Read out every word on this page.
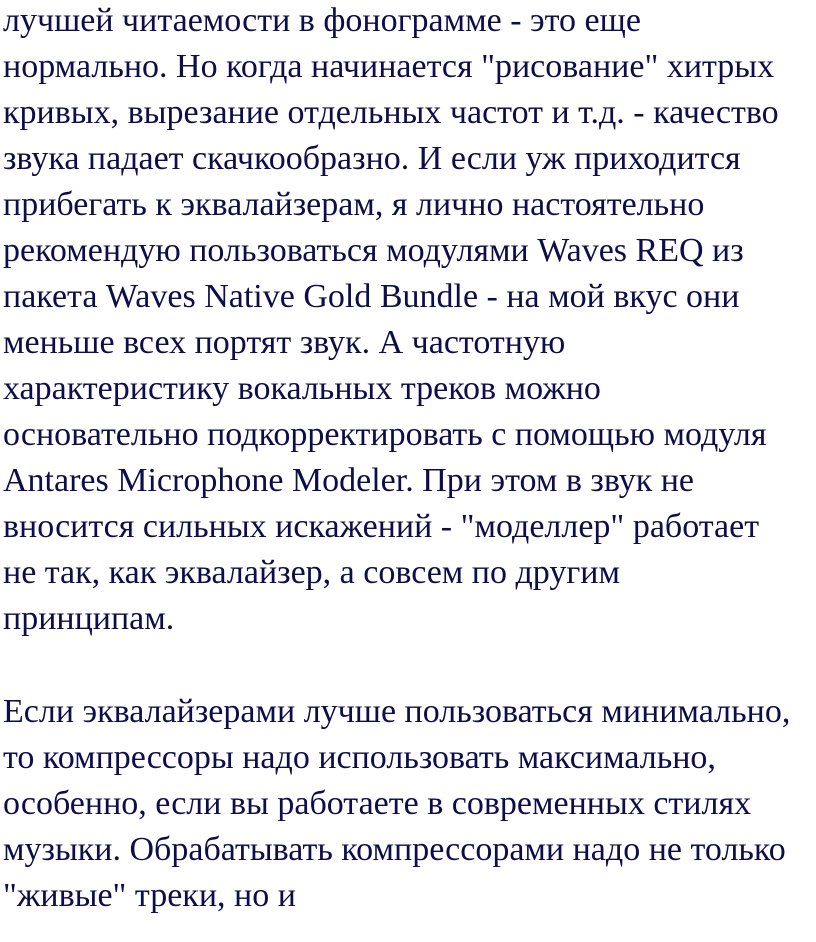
лучшей читаемости в фонограмме - это еще
нормально. Но когда начинается "рисование" хитрых
кривых, вырезание отдельных частот и т.д. - качество
звука падает скачкообразно. И если уж приходится
прибегать к эквалайзерам, я лично настоятельно
рекомендую пользоваться модулями Waves REQ из
пакета Waves Native Gold Bundle - на мой вкус они
меньше всех портят звук. А частотную
характеристику вокальных треков можно
основательно подкорректировать с помощью модуля
Antares Microphone Modeler. При этом в звук не
вносится сильных искажений - "моделлер" работает
не так, как эквалайзер, а совсем по другим
принципам.
Если эквалайзерами лучше пользоваться минимально,
то компрессоры надо использовать максимально,
особенно, если вы работаете в современных стилях
музыки. Обрабатывать компрессорами надо не только
"живые" треки, но и
